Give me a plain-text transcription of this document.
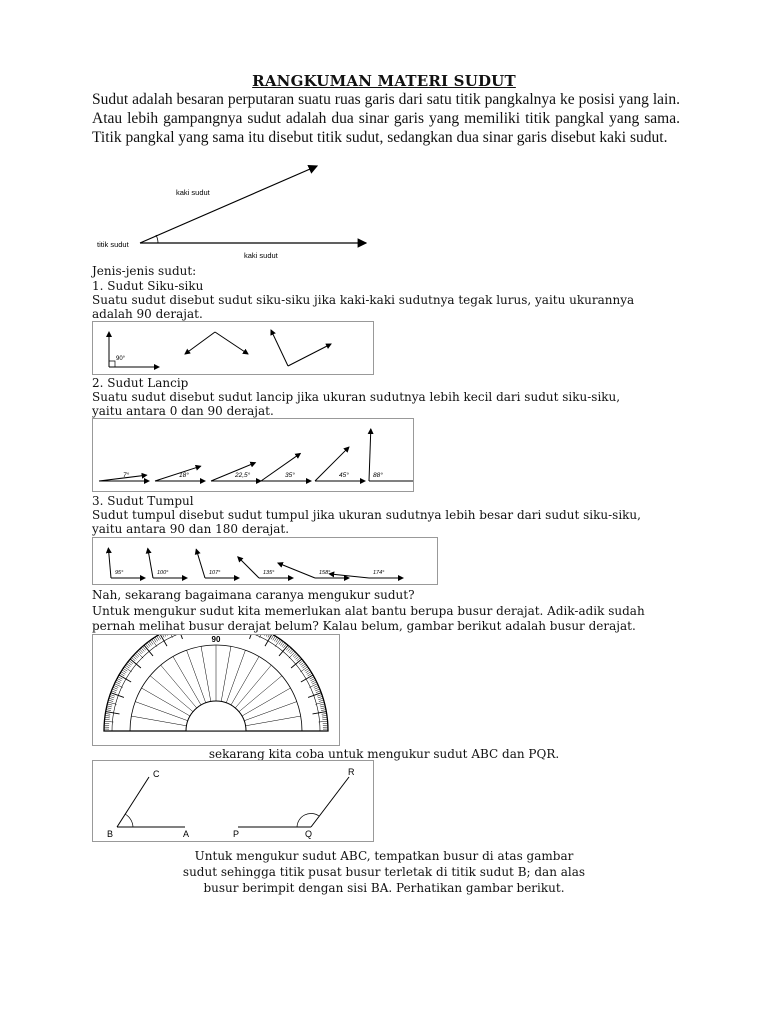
RANGKUMAN MATERI SUDUT
Sudut adalah besaran perputaran suatu ruas garis dari satu titik pangkalnya ke posisi yang lain. Atau lebih gampangnya sudut adalah dua sinar garis yang memiliki titik pangkal yang sama. Titik pangkal yang sama itu disebut titik sudut, sedangkan dua sinar garis disebut kaki sudut.
kaki sudut
titik sudut
kaki sudut
Jenis-jenis sudut:
1. Sudut Siku-siku
Suatu sudut disebut sudut siku-siku jika kaki-kaki sudutnya tegak lurus, yaitu ukurannya
adalah 90 derajat.
90°
2. Sudut Lancip
Suatu sudut disebut sudut lancip jika ukuran sudutnya lebih kecil dari sudut siku-siku,
yaitu antara 0 dan 90 derajat.
7°	18°	22,5°	35°	45°	88°
3. Sudut Tumpul
Sudut tumpul disebut sudut tumpul jika ukuran sudutnya lebih besar dari sudut siku-siku,
yaitu antara 90 dan 180 derajat.
95°	100°	107°	135°	158°	174°
Nah, sekarang bagaimana caranya mengukur sudut?
Untuk mengukur sudut kita memerlukan alat bantu berupa busur derajat. Adik-adik sudah
pernah melihat busur derajat belum? Kalau belum, gambar berikut adalah busur derajat.
90
sekarang kita coba untuk mengukur sudut ABC dan PQR.
B	A
C
P	Q
R
Untuk mengukur sudut ABC, tempatkan busur di atas gambar
sudut sehingga titik pusat busur terletak di titik sudut B; dan alas
busur berimpit dengan sisi BA. Perhatikan gambar berikut.
